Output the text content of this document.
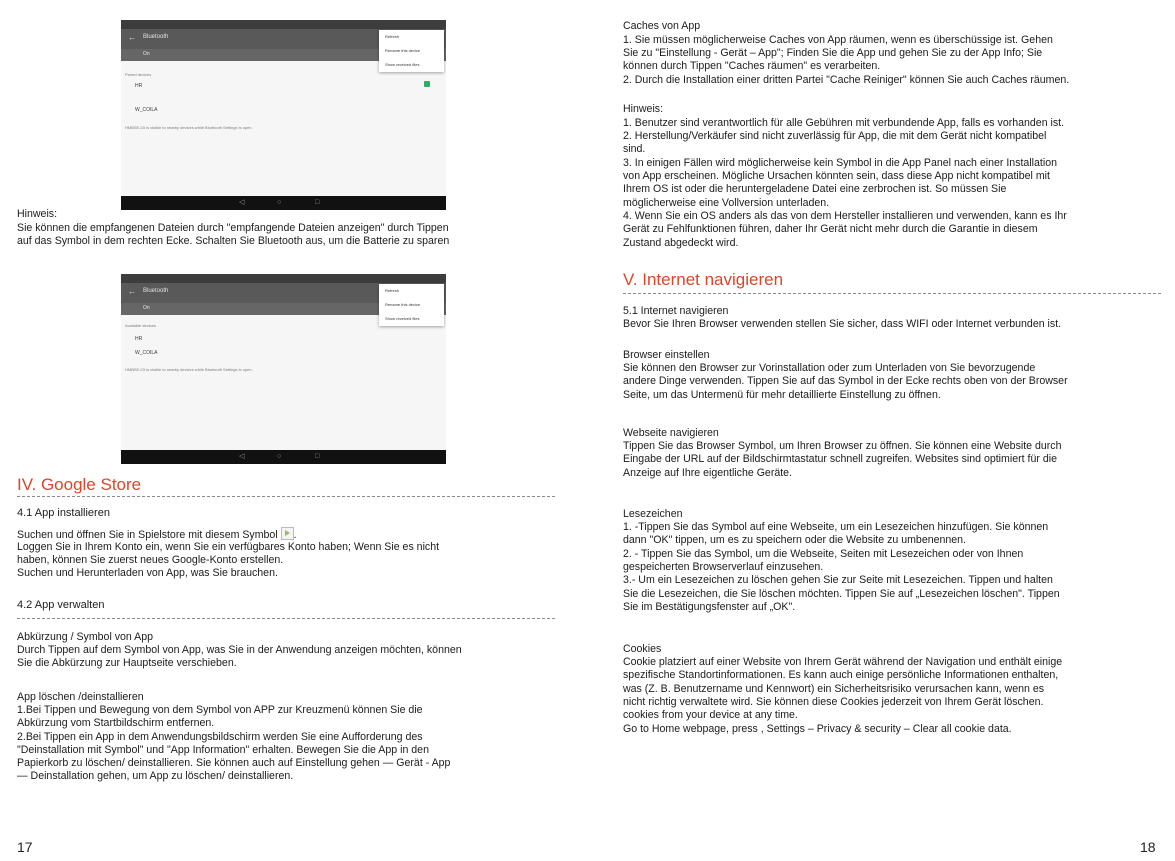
← Bluetooth
On
Paired devices
HR
W_COILA
HMBSE-03 is visible to nearby devices while Bluetooth Settings is open.
Refresh
Rename this device
Show received files
◁	○	□

Hinweis:

Sie können die empfangenen Dateien durch "empfangende Dateien anzeigen" durch Tippen

auf das Symbol in dem rechten Ecke. Schalten Sie Bluetooth aus, um die Batterie zu sparen

← Bluetooth
On
Available devices
HR
W_COILA
HMBSE-03 is visible to nearby devices while Bluetooth Settings is open.
Refresh
Rename this device
Show received files
◁	○	□

IV. Google Store

4.1 App installieren

Suchen und öffnen Sie in Spielstore mit diesem Symbol .

Loggen Sie in Ihrem Konto ein, wenn Sie ein verfügbares Konto haben; Wenn Sie es nicht

haben, können Sie zuerst neues Google-Konto erstellen.

Suchen und Herunterladen von App, was Sie brauchen.

4.2 App verwalten

Abkürzung / Symbol von App

Durch Tippen auf dem Symbol von App, was Sie in der Anwendung anzeigen möchten, können

Sie die Abkürzung zur Hauptseite verschieben.

App löschen /deinstallieren

1.Bei Tippen und Bewegung von dem Symbol von APP zur Kreuzmenü können Sie die

Abkürzung vom Startbildschirm entfernen.

2.Bei Tippen ein App in dem Anwendungsbildschirm werden Sie eine Aufforderung des

"Deinstallation mit Symbol" und "App Information" erhalten. Bewegen Sie die App in den

Papierkorb zu löschen/ deinstallieren. Sie können auch auf Einstellung gehen — Gerät - App

— Deinstallation gehen, um App zu löschen/ deinstallieren.

17

Caches von App

1. Sie müssen möglicherweise Caches von App räumen, wenn es überschüssige ist. Gehen

Sie zu "Einstellung - Gerät – App"; Finden Sie die App und gehen Sie zu der App Info; Sie

können durch Tippen "Caches räumen" es verarbeiten.

2. Durch die Installation einer dritten Partei "Cache Reiniger" können Sie auch Caches räumen.

Hinweis:

1. Benutzer sind verantwortlich für alle Gebühren mit verbundende App, falls es vorhanden ist.

2. Herstellung/Verkäufer sind nicht zuverlässig für App, die mit dem Gerät nicht kompatibel

sind.

3. In einigen Fällen wird möglicherweise kein Symbol in die App Panel nach einer Installation

von App erscheinen. Mögliche Ursachen könnten sein, dass diese App nicht kompatibel mit

Ihrem OS ist oder die heruntergeladene Datei eine zerbrochen ist. So müssen Sie

möglicherweise eine Vollversion unterladen.

4. Wenn Sie ein OS anders als das von dem Hersteller installieren und verwenden, kann es Ihr

Gerät zu Fehlfunktionen führen, daher Ihr Gerät nicht mehr durch die Garantie in diesem

Zustand abgedeckt wird.

V. Internet navigieren

5.1 Internet navigieren

Bevor Sie Ihren Browser verwenden stellen Sie sicher, dass WIFI oder Internet verbunden ist.

Browser einstellen

Sie können den Browser zur Vorinstallation oder zum Unterladen von Sie bevorzugende

andere Dinge verwenden. Tippen Sie auf das Symbol in der Ecke rechts oben von der Browser

Seite, um das Untermenü für mehr detaillierte Einstellung zu öffnen.

Webseite navigieren

Tippen Sie das Browser Symbol, um Ihren Browser zu öffnen. Sie können eine Website durch

Eingabe der URL auf der Bildschirmtastatur schnell zugreifen. Websites sind optimiert für die

Anzeige auf Ihre eigentliche Geräte.

Lesezeichen

1. -Tippen Sie das Symbol auf eine Webseite, um ein Lesezeichen hinzufügen. Sie können

dann "OK" tippen, um es zu speichern oder die Website zu umbenennen.

2. - Tippen Sie das Symbol, um die Webseite, Seiten mit Lesezeichen oder von Ihnen

gespeicherten Browserverlauf einzusehen.

3.- Um ein Lesezeichen zu löschen gehen Sie zur Seite mit Lesezeichen. Tippen und halten

Sie die Lesezeichen, die Sie löschen möchten. Tippen Sie auf „Lesezeichen löschen". Tippen

Sie im Bestätigungsfenster auf „OK".

Cookies

Cookie platziert auf einer Website von Ihrem Gerät während der Navigation und enthält einige

spezifische Standortinformationen. Es kann auch einige persönliche Informationen enthalten,

was (Z. B. Benutzername und Kennwort) ein Sicherheitsrisiko verursachen kann, wenn es

nicht richtig verwaltete wird. Sie können diese Cookies jederzeit von Ihrem Gerät löschen.

cookies from your device at any time.

Go to Home webpage, press , Settings – Privacy & security – Clear all cookie data.

18
